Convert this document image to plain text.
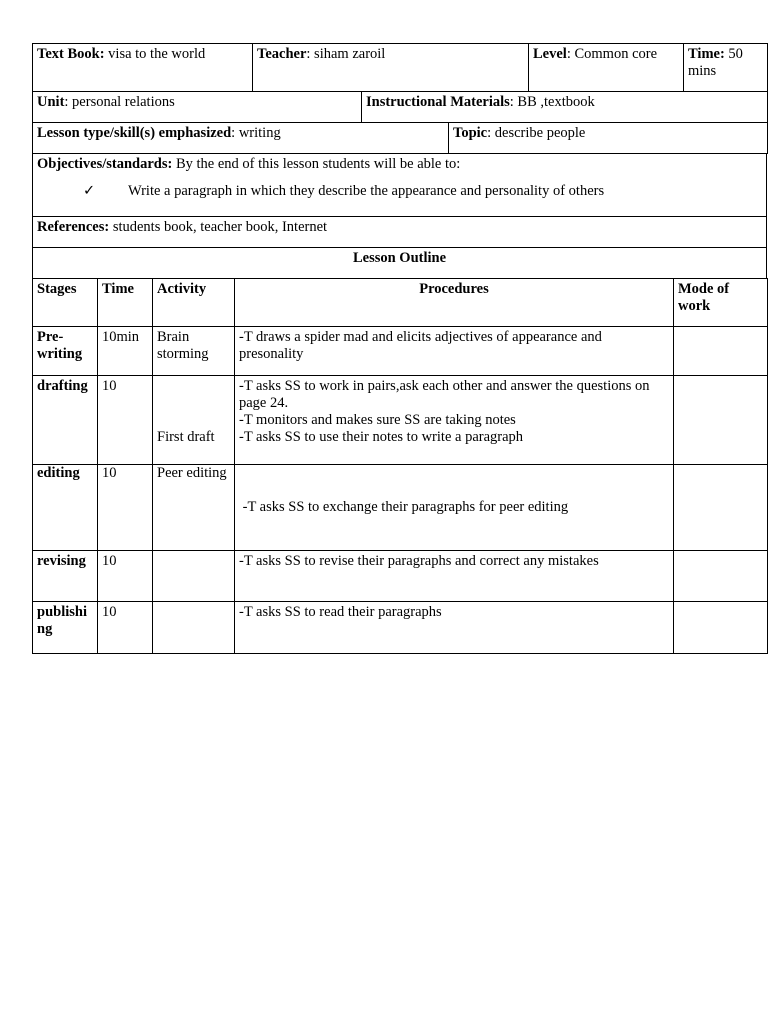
Text Book: visa to the world	Teacher: siham zaroil	Level: Common core	Time: 50 mins
Unit: personal relations	Instructional Materials: BB ,textbook
Lesson type/skill(s) emphasized: writing	Topic: describe people
Objectives/standards: By the end of this lesson students will be able to:
✓	Write a paragraph in which they describe the appearance and personality of others
References: students book, teacher book, Internet
Lesson Outline
Stages	Time	Activity	Procedures	Mode of work
Pre-writing	10min	Brain storming	-T draws a spider mad and elicits adjectives of appearance and presonality	

drafting	10	First draft	-T asks SS to work in pairs,ask each other and answer the questions on page 24.
-T monitors and makes sure SS are taking notes
-T asks SS to use their notes to write a paragraph	

editing	10	Peer editing	-T asks SS to exchange their paragraphs for peer editing	

revising	10		-T asks SS to revise their paragraphs and correct any mistakes	

publishing	10		-T asks SS to read their paragraphs	
